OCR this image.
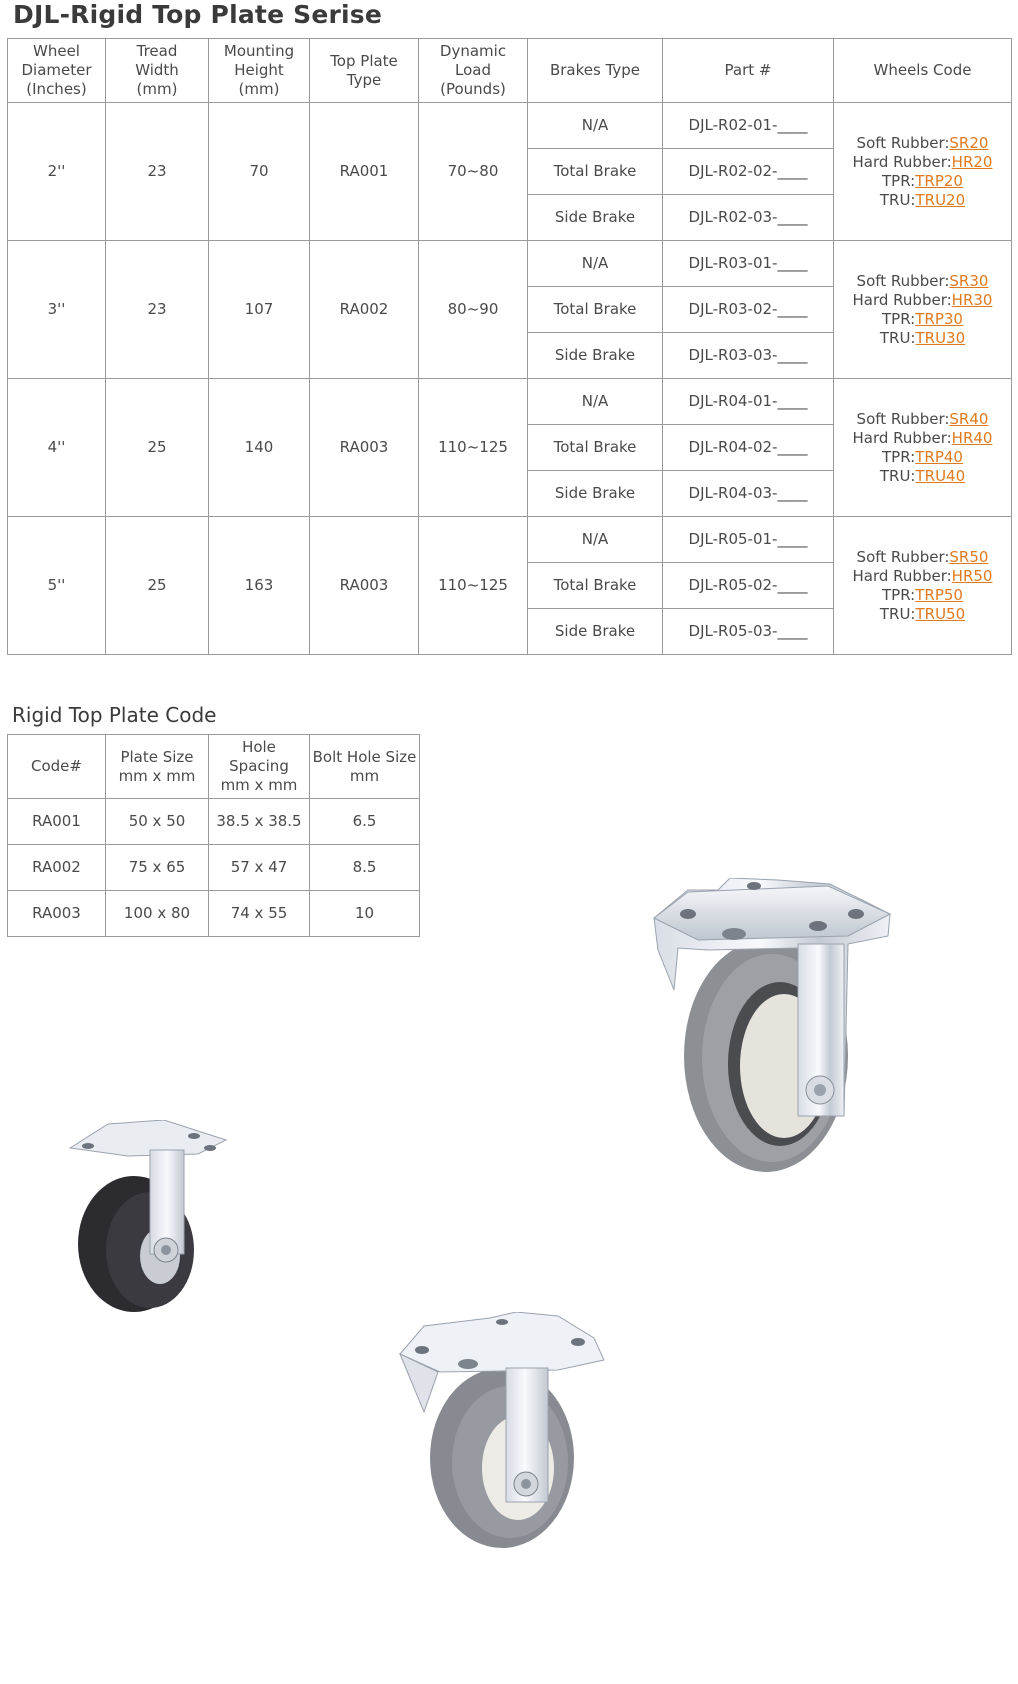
DJL-Rigid Top Plate Serise
Wheel
Diameter
(Inches)	Tread
Width
(mm)	Mounting
Height
(mm)	Top Plate
Type	Dynamic
Load
(Pounds)	Brakes Type	Part #	Wheels Code
2''	23	70	RA001	70~80	N/A	DJL-R02-01-____	Soft Rubber:SR20
Hard Rubber:HR20
TPR:TRP20
TRU:TRU20

					Total Brake	DJL-R02-02-____	
					Side Brake	DJL-R02-03-____	
3''	23	107	RA002	80~90	N/A	DJL-R03-01-____	Soft Rubber:SR30
Hard Rubber:HR30
TPR:TRP30
TRU:TRU30

					Total Brake	DJL-R03-02-____	
					Side Brake	DJL-R03-03-____	
4''	25	140	RA003	110~125	N/A	DJL-R04-01-____	Soft Rubber:SR40
Hard Rubber:HR40
TPR:TRP40
TRU:TRU40

					Total Brake	DJL-R04-02-____	
					Side Brake	DJL-R04-03-____	
5''	25	163	RA003	110~125	N/A	DJL-R05-01-____	Soft Rubber:SR50
Hard Rubber:HR50
TPR:TRP50
TRU:TRU50

					Total Brake	DJL-R05-02-____	
					Side Brake	DJL-R05-03-____	
Rigid Top Plate Code
Code#	Plate Size
mm x mm	Hole
Spacing
mm x mm	Bolt Hole Size
mm
RA001	50 x 50	38.5 x 38.5	6.5
RA002	75 x 65	57 x 47	8.5
RA003	100 x 80	74 x 55	10
